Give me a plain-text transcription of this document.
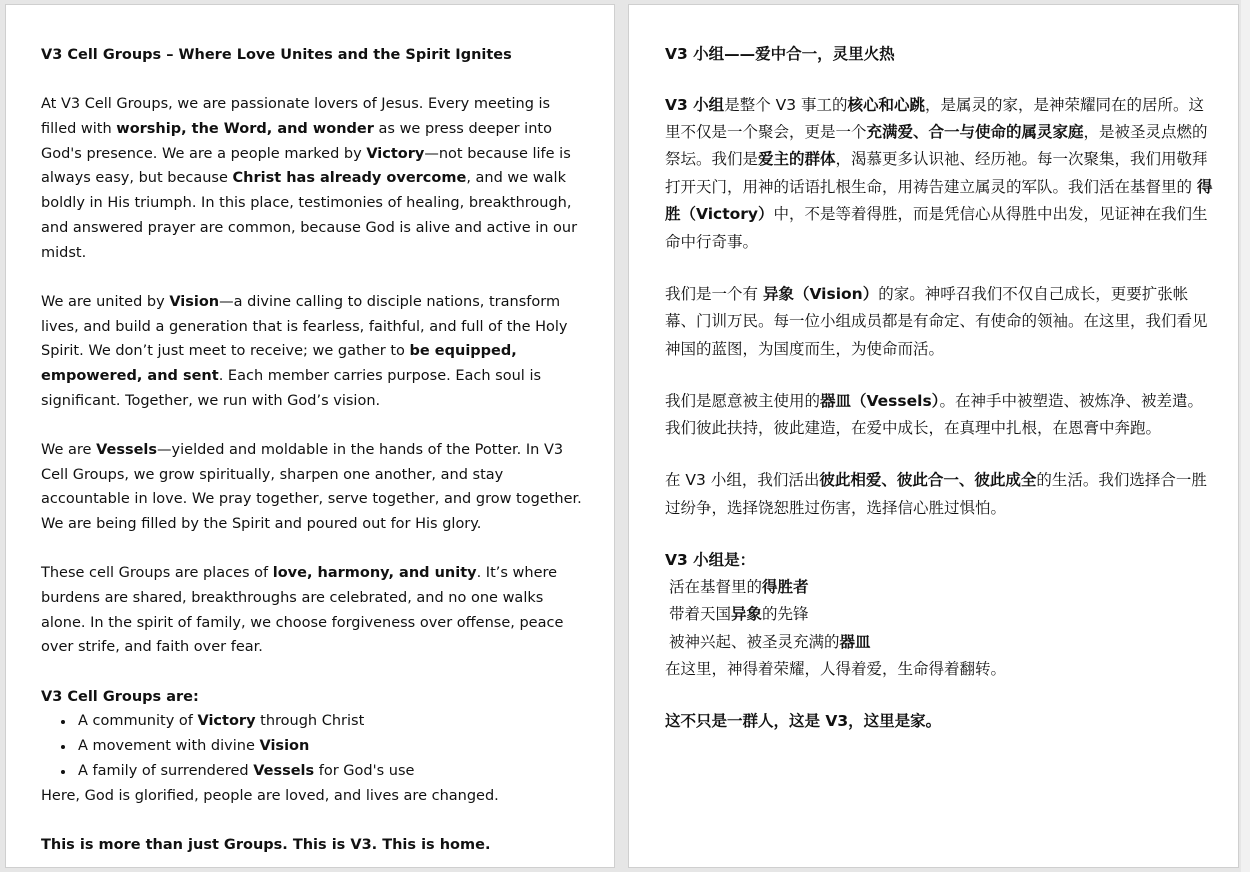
V3 Cell Groups – Where Love Unites and the Spirit Ignites

At V3 Cell Groups, we are passionate lovers of Jesus. Every meeting is filled with worship, the Word, and wonder as we press deeper into God's presence. We are a people marked by Victory—not because life is always easy, but because Christ has already overcome, and we walk boldly in His triumph. In this place, testimonies of healing, breakthrough, and answered prayer are common, because God is alive and active in our midst.

We are united by Vision—a divine calling to disciple nations, transform lives, and build a generation that is fearless, faithful, and full of the Holy Spirit. We don’t just meet to receive; we gather to be equipped, empowered, and sent. Each member carries purpose. Each soul is significant. Together, we run with God’s vision.

We are Vessels—yielded and moldable in the hands of the Potter. In V3 Cell Groups, we grow spiritually, sharpen one another, and stay accountable in love. We pray together, serve together, and grow together. We are being filled by the Spirit and poured out for His glory.

These cell Groups are places of love, harmony, and unity. It’s where burdens are shared, breakthroughs are celebrated, and no one walks alone. In the spirit of family, we choose forgiveness over offense, peace over strife, and faith over fear.

V3 Cell Groups are:

A community of Victory through Christ
A movement with divine Vision
A family of surrendered Vessels for God's use

Here, God is glorified, people are loved, and lives are changed.

This is more than just Groups. This is V3. This is home.

V3 小组——爱中合一，灵里火热

V3 小组是整个 V3 事工的核心和心跳，是属灵的家，是神荣耀同在的居所。这里不仅是一个聚会，更是一个充满爱、合一与使命的属灵家庭，是被圣灵点燃的祭坛。我们是爱主的群体，渴慕更多认识祂、经历祂。每一次聚集，我们用敬拜打开天门，用神的话语扎根生命，用祷告建立属灵的军队。我们活在基督里的 得胜（Victory）中，不是等着得胜，而是凭信心从得胜中出发，见证神在我们生命中行奇事。

我们是一个有 异象（Vision）的家。神呼召我们不仅自己成长，更要扩张帐幕、门训万民。每一位小组成员都是有命定、有使命的领袖。在这里，我们看见神国的蓝图，为国度而生，为使命而活。

我们是愿意被主使用的器皿（Vessels）。在神手中被塑造、被炼净、被差遣。我们彼此扶持，彼此建造，在爱中成长，在真理中扎根，在恩膏中奔跑。

在 V3 小组，我们活出彼此相爱、彼此合一、彼此成全的生活。我们选择合一胜过纷争，选择饶恕胜过伤害，选择信心胜过惧怕。

V3 小组是：

活在基督里的得胜者

带着天国异象的先锋

被神兴起、被圣灵充满的器皿

在这里，神得着荣耀，人得着爱，生命得着翻转。

这不只是一群人，这是 V3，这里是家。
